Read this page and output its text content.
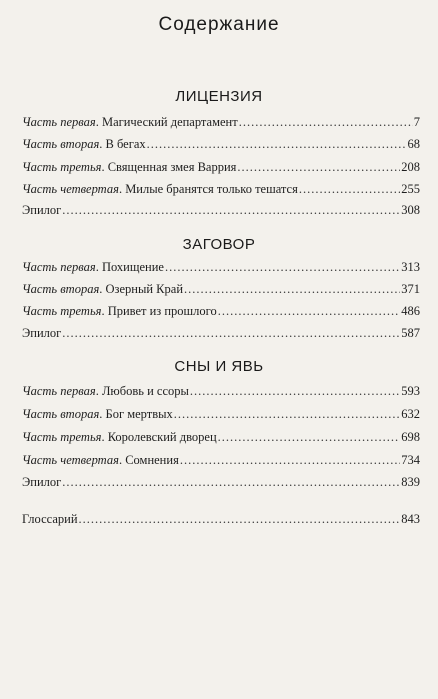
Содержание
ЛИЦЕНЗИЯ
Часть первая. Магический департамент .....	7
Часть вторая. В бегах .....	68
Часть третья. Священная змея Варрия .....	208
Часть четвертая. Милые бранятся только тешатся .....	255
Эпилог .....	308
ЗАГОВОР
Часть первая. Похищение .....	313
Часть вторая. Озерный Край .....	371
Часть третья. Привет из прошлого .....	486
Эпилог .....	587
СНЫ И ЯВЬ
Часть первая. Любовь и ссоры .....	593
Часть вторая. Бог мертвых .....	632
Часть третья. Королевский дворец .....	698
Часть четвертая. Сомнения .....	734
Эпилог .....	839
Глоссарий .....	843
